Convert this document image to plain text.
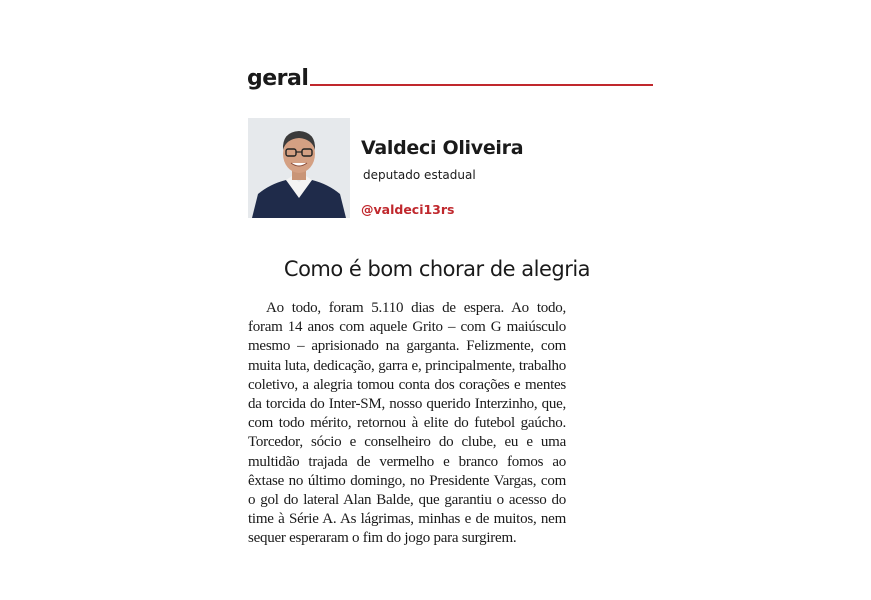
geral
Valdeci Oliveira
deputado estadual
@valdeci13rs
Como é bom chorar de alegria

Ao todo, foram 5.110 dias de espera. Ao todo, foram 14 anos com aquele Grito – com G maiúsculo mesmo – aprisionado na garganta. Felizmente, com muita luta, dedicação, garra e, principalmente, trabalho coletivo, a alegria tomou conta dos corações e mentes da torcida do Inter-SM, nosso querido Interzinho, que, com todo mérito, retornou à elite do futebol gaúcho. Torcedor, sócio e conselheiro do clube, eu e uma multidão trajada de vermelho e branco fomos ao êxtase no último domingo, no Presidente Vargas, com o gol do lateral Alan Balde, que garantiu o acesso do time à Série A. As lágrimas, minhas e de muitos, nem sequer esperaram o fim do jogo para surgirem.
